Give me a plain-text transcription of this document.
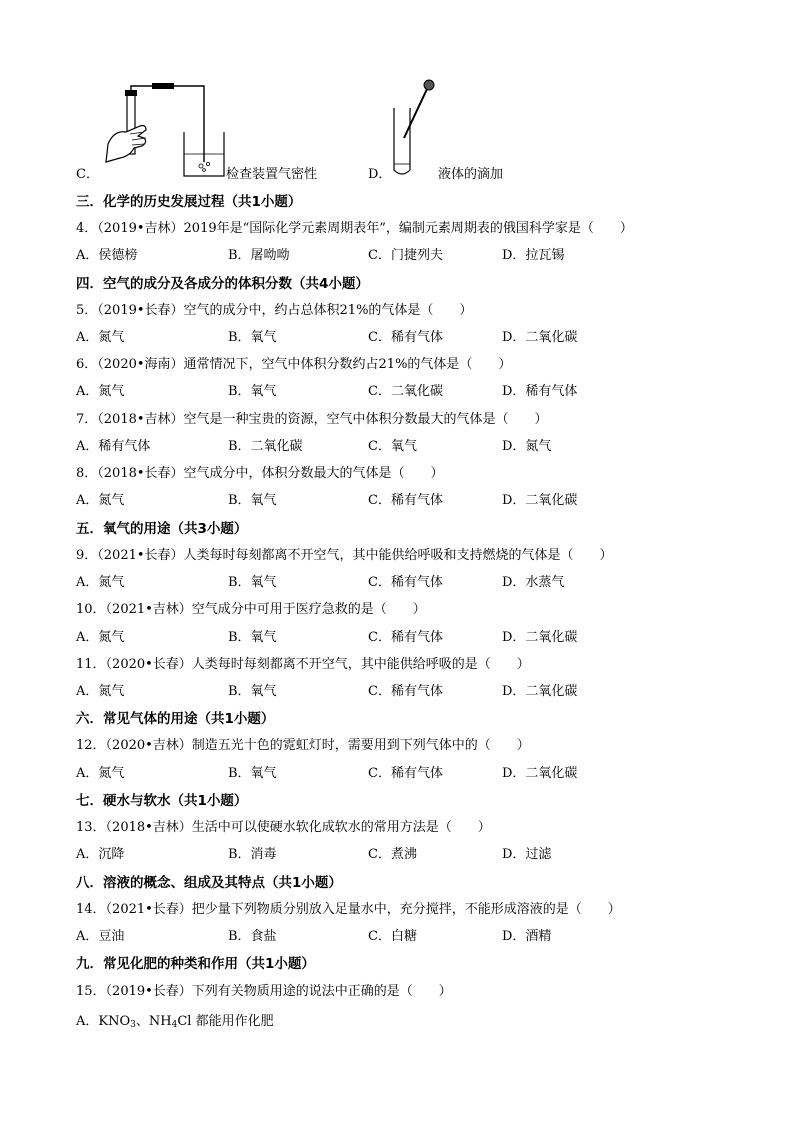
C．	检查装置气密性	D．	液体的滴加
三．化学的历史发展过程（共1小题）
4．（2019•吉林）2019年是“国际化学元素周期表年”，编制元素周期表的俄国科学家是（　　）
A．侯德榜	B．屠呦呦	C．门捷列夫	D．拉瓦锡
四．空气的成分及各成分的体积分数（共4小题）
5．（2019•长春）空气的成分中，约占总体积21%的气体是（　　）
A．氮气	B．氧气	C．稀有气体	D．二氧化碳
6．（2020•海南）通常情况下，空气中体积分数约占21%的气体是（　　）
A．氮气	B．氧气	C．二氧化碳	D．稀有气体
7．（2018•吉林）空气是一种宝贵的资源，空气中体积分数最大的气体是（　　）
A．稀有气体	B．二氧化碳	C．氧气	D．氮气
8．（2018•长春）空气成分中，体积分数最大的气体是（　　）
A．氮气	B．氧气	C．稀有气体	D．二氧化碳
五．氧气的用途（共3小题）
9．（2021•长春）人类每时每刻都离不开空气，其中能供给呼吸和支持燃烧的气体是（　　）
A．氮气	B．氧气	C．稀有气体	D．水蒸气
10．（2021•吉林）空气成分中可用于医疗急救的是（　　）
A．氮气	B．氧气	C．稀有气体	D．二氧化碳
11．（2020•长春）人类每时每刻都离不开空气，其中能供给呼吸的是（　　）
A．氮气	B．氧气	C．稀有气体	D．二氧化碳
六．常见气体的用途（共1小题）
12．（2020•吉林）制造五光十色的霓虹灯时，需要用到下列气体中的（　　）
A．氮气	B．氧气	C．稀有气体	D．二氧化碳
七．硬水与软水（共1小题）
13．（2018•吉林）生活中可以使硬水软化成软水的常用方法是（　　）
A．沉降	B．消毒	C．煮沸	D．过滤
八．溶液的概念、组成及其特点（共1小题）
14．（2021•长春）把少量下列物质分别放入足量水中，充分搅拌，不能形成溶液的是（　　）
A．豆油	B．食盐	C．白糖	D．酒精
九．常见化肥的种类和作用（共1小题）
15．（2019•长春）下列有关物质用途的说法中正确的是（　　）
A．$KNO_3$、$NH_4Cl$ 都能用作化肥
